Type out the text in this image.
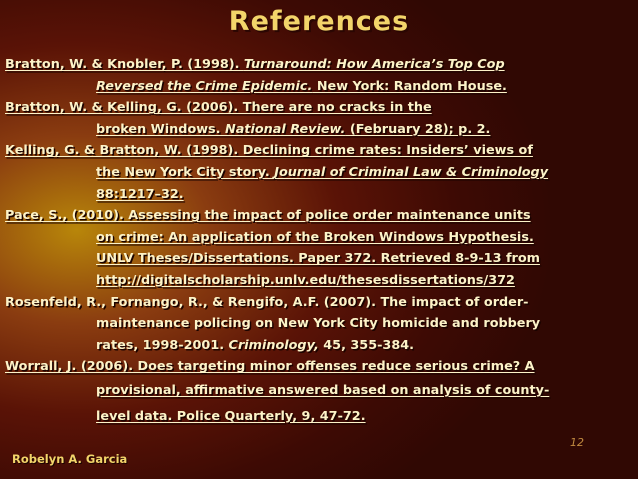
References
Bratton, W. & Knobler, P. (1998). Turnaround: How America’s Top Cop
Reversed the Crime Epidemic. New York: Random House.
Bratton, W. & Kelling, G. (2006). There are no cracks in the
broken Windows. National Review. (February 28); p. 2.
Kelling, G. & Bratton, W. (1998). Declining crime rates: Insiders’ views of
the New York City story. Journal of Criminal Law & Criminology
88:1217–32.
Pace, S., (2010). Assessing the impact of police order maintenance units
on crime: An application of the Broken Windows Hypothesis.
UNLV Theses/Dissertations. Paper 372. Retrieved 8-9-13 from
http://digitalscholarship.unlv.edu/thesesdissertations/372
Rosenfeld, R., Fornango, R., & Rengifo, A.F. (2007). The impact of order-
maintenance policing on New York City homicide and robbery
rates, 1998-2001. Criminology, 45, 355-384.
Worrall, J. (2006). Does targeting minor offenses reduce serious crime? A
provisional, affirmative answered based on analysis of county-
level data. Police Quarterly, 9, 47-72.
12
Robelyn A. Garcia
